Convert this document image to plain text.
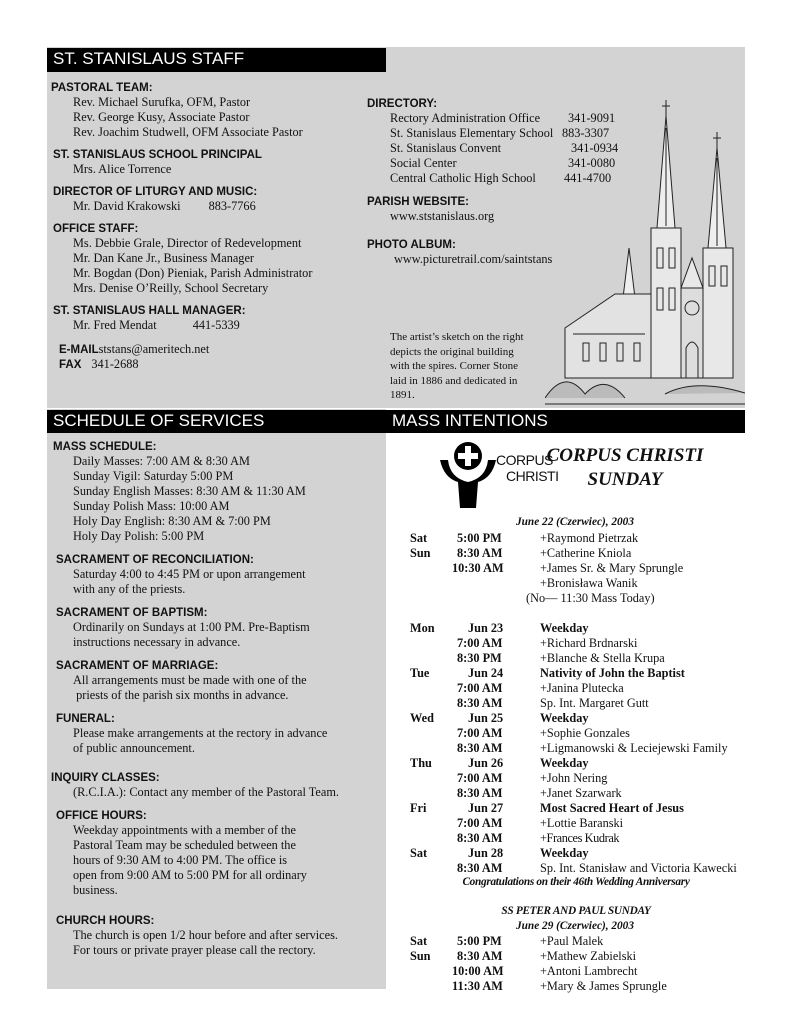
ST. STANISLAUS STAFF
PASTORAL TEAM:
Rev. Michael Surufka, OFM, Pastor
Rev. George Kusy, Associate Pastor
Rev. Joachim Studwell, OFM Associate Pastor
ST. STANISLAUS SCHOOL PRINCIPAL
Mrs. Alice Torrence
DIRECTOR OF LITURGY AND MUSIC:
Mr. David Krakowski 883-7766
OFFICE STAFF:
Ms. Debbie Grale, Director of Redevelopment
Mr. Dan Kane Jr., Business Manager
Mr. Bogdan (Don) Pieniak, Parish Administrator
Mrs. Denise O’Reilly, School Secretary
ST. STANISLAUS HALL MANAGER:
Mr. Fred Mendat	441-5339
E-MAILststans@ameritech.net
FAX 341-2688
DIRECTORY:
Rectory Administration Office	341-9091
St. Stanislaus Elementary School 883-3307
St. Stanislaus Convent	341-0934
Social Center	341-0080
Central Catholic High School	441-4700
PARISH WEBSITE:
www.ststanislaus.org
PHOTO ALBUM:
www.picturetrail.com/saintstans
The artist’s sketch on the right
depicts the original building
with the spires. Corner Stone
laid in 1886 and dedicated in
1891.
SCHEDULE OF SERVICES
MASS SCHEDULE:
Daily Masses: 7:00 AM & 8:30 AM
Sunday Vigil: Saturday 5:00 PM
Sunday English Masses: 8:30 AM & 11:30 AM
Sunday Polish Mass: 10:00 AM
Holy Day English: 8:30 AM & 7:00 PM
Holy Day Polish: 5:00 PM
SACRAMENT OF RECONCILIATION:
Saturday 4:00 to 4:45 PM or upon arrangement
with any of the priests.
SACRAMENT OF BAPTISM:
Ordinarily on Sundays at 1:00 PM. Pre-Baptism
instructions necessary in advance.
SACRAMENT OF MARRIAGE:
All arrangements must be made with one of the
priests of the parish six months in advance.
FUNERAL:
Please make arrangements at the rectory in advance
of public announcement.
INQUIRY CLASSES:
(R.C.I.A.): Contact any member of the Pastoral Team.
OFFICE HOURS:
Weekday appointments with a member of the
Pastoral Team may be scheduled between the
hours of 9:30 AM to 4:00 PM. The office is
open from 9:00 AM to 5:00 PM for all ordinary
business.
CHURCH HOURS:
The church is open 1/2 hour before and after services.
For tours or private prayer please call the rectory.
MASS INTENTIONS
CORPUS
CHRISTI
CORPUS CHRISTI
SUNDAY
June 22 (Czerwiec), 2003
Sat 5:00 PM	+Raymond Pietrzak
Sun 8:30 AM	+Catherine Kniola
10:30 AM	+James Sr. & Mary Sprungle
+Bronisława Wanik
(No— 11:30 Mass Today)
Mon	Jun 23	Weekday
7:00 AM	+Richard Brdnarski
8:30 PM	+Blanche & Stella Krupa
Tue	Jun 24	Nativity of John the Baptist
7:00 AM	+Janina Plutecka
8:30 AM	Sp. Int. Margaret Gutt
Wed	Jun 25	Weekday
7:00 AM	+Sophie Gonzales
8:30 AM	+Ligmanowski & Leciejewski Family
Thu	Jun 26	Weekday
7:00 AM	+John Nering
8:30 AM	+Janet Szarwark
Fri	Jun 27	Most Sacred Heart of Jesus
7:00 AM	+Lottie Baranski
8:30 AM	+Frances Kudrak
Sat	Jun 28	Weekday
8:30 AM	Sp. Int. Stanisław and Victoria Kawecki
Congratulations on their 46th Wedding Anniversary
SS PETER AND PAUL SUNDAY
June 29 (Czerwiec), 2003
Sat 5:00 PM	+Paul Malek
Sun 8:30 AM	+Mathew Zabielski
10:00 AM	+Antoni Lambrecht
11:30 AM	+Mary & James Sprungle
